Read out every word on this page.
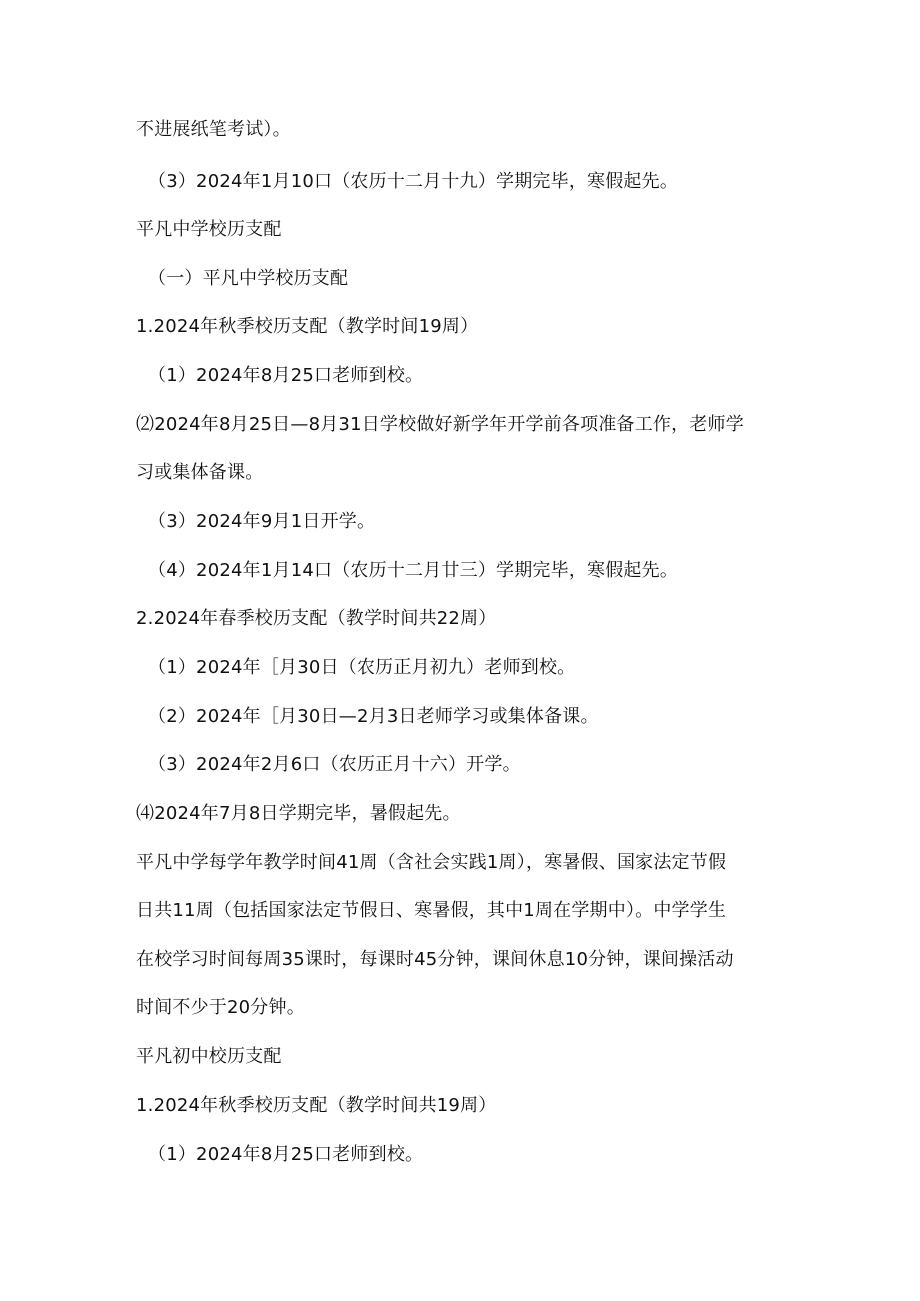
不进展纸笔考试）。
（3）2024年1月10口（农历十二月十九）学期完毕，寒假起先。
平凡中学校历支配
（一）平凡中学校历支配
1.2024年秋季校历支配（教学时间19周）
（1）2024年8月25口老师到校。
⑵2024年8月25日—8月31日学校做好新学年开学前各项准备工作，老师学
习或集体备课。
（3）2024年9月1日开学。
（4）2024年1月14口（农历十二月廿三）学期完毕，寒假起先。
2.2024年春季校历支配（教学时间共22周）
（1）2024年［月30日（农历正月初九）老师到校。
（2）2024年［月30日—2月3日老师学习或集体备课。
（3）2024年2月6口（农历正月十六）开学。
⑷2024年7月8日学期完毕，暑假起先。
平凡中学每学年教学时间41周（含社会实践1周），寒暑假、国家法定节假
日共11周（包括国家法定节假日、寒暑假，其中1周在学期中）。中学学生
在校学习时间每周35课时，每课时45分钟，课间休息10分钟，课间操活动
时间不少于20分钟。
平凡初中校历支配
1.2024年秋季校历支配（教学时间共19周）
（1）2024年8月25口老师到校。
